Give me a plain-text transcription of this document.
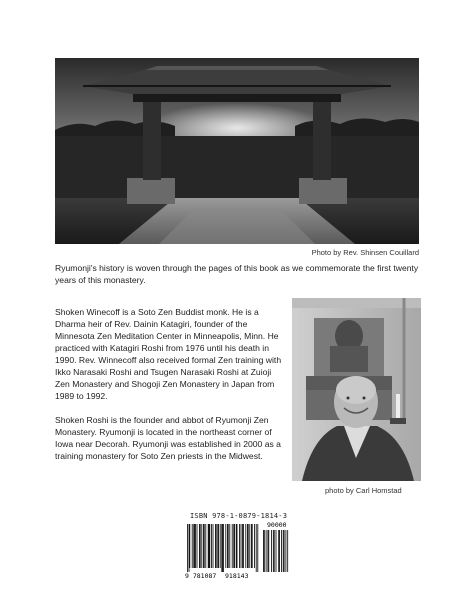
Photo by Rev. Shinsen Couillard
Ryumonji's history is woven through the pages of this book as we commemorate the first twenty years of this monastery.

Shoken Winecoff is a Soto Zen Buddist monk. He is a Dharma heir of Rev. Dainin Katagiri, founder of the Minnesota Zen Meditation Center in Minneapolis, Minn. He practiced with Katagiri Roshi from 1976 until his death in 1990. Rev. Winnecoff also received formal Zen training with Ikko Narasaki Roshi and Tsugen Narasaki Roshi at Zuioji Zen Monastery and Shogoji Zen Monastery in Japan from 1989 to 1992.

Shoken Roshi is the founder and abbot of Ryumonji Zen Monastery. Ryumonji is located in the northeast corner of Iowa near Decorah. Ryumonji was established in 2000 as a training monastery for Soto Zen priests in the Midwest.

photo by Carl Homstad
ISBN 978-1-0879-1814-3
90000
9 781087 918143
